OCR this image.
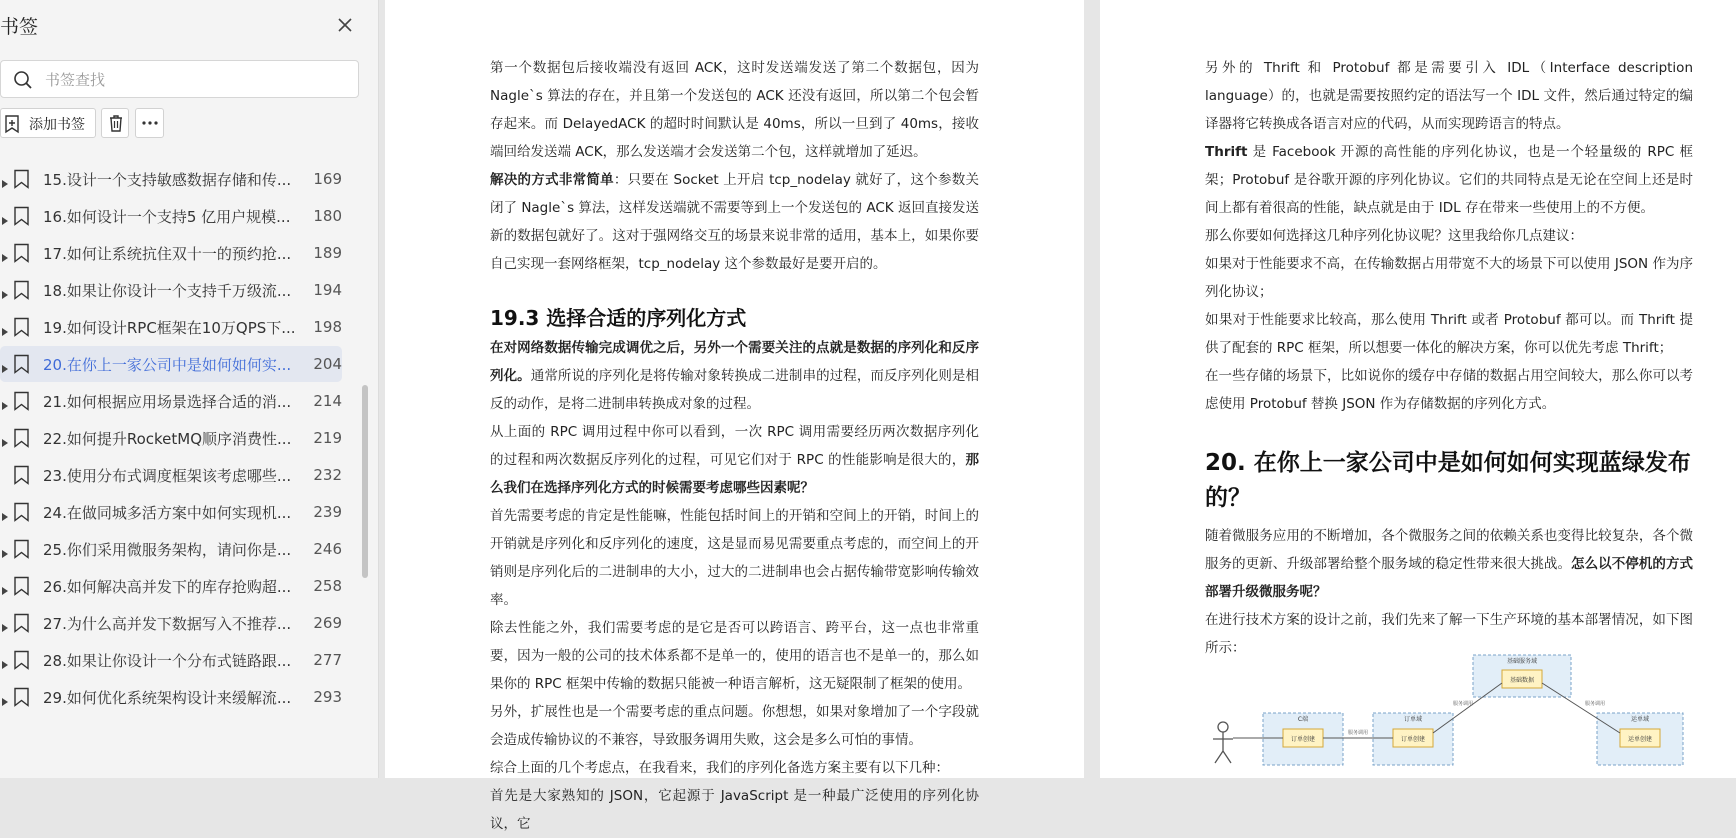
书签
书签查找
添加书签
15.设计一个支持敏感数据存储和传... 169
16.如何设计一个支持5 亿用户规模... 180
17.如何让系统抗住双十一的预约抢... 189
18.如果让你设计一个支持千万级流... 194
19.如何设计RPC框架在10万QPS下... 198
20.在你上一家公司中是如何如何实... 204
21.如何根据应用场景选择合适的消... 214
22.如何提升RocketMQ顺序消费性... 219
23.使用分布式调度框架该考虑哪些... 232
24.在做同城多活方案中如何实现机... 239
25.你们采用微服务架构，请问你是... 246
26.如何解决高并发下的库存抢购超... 258
27.为什么高并发下数据写入不推荐... 269
28.如果让你设计一个分布式链路跟... 277
29.如何优化系统架构设计来缓解流... 293
第一个数据包后接收端没有返回 ACK，这时发送端发送了第二个数据包，因为 Nagle`s 算法的存在，并且第一个发送包的 ACK 还没有返回，所以第二个包会暂存起来。而 DelayedACK 的超时时间默认是 40ms，所以一旦到了 40ms，接收端回给发送端 ACK，那么发送端才会发送第二个包，这样就增加了延迟。
解决的方式非常简单：只要在 Socket 上开启 tcp_nodelay 就好了，这个参数关闭了 Nagle`s 算法，这样发送端就不需要等到上一个发送包的 ACK 返回直接发送新的数据包就好了。这对于强网络交互的场景来说非常的适用，基本上，如果你要自己实现一套网络框架，tcp_nodelay 这个参数最好是要开启的。
19.3 选择合适的序列化方式
在对网络数据传输完成调优之后，另外一个需要关注的点就是数据的序列化和反序列化。通常所说的序列化是将传输对象转换成二进制串的过程，而反序列化则是相反的动作，是将二进制串转换成对象的过程。
从上面的 RPC 调用过程中你可以看到，一次 RPC 调用需要经历两次数据序列化的过程和两次数据反序列化的过程，可见它们对于 RPC 的性能影响是很大的，那么我们在选择序列化方式的时候需要考虑哪些因素呢？
首先需要考虑的肯定是性能嘛，性能包括时间上的开销和空间上的开销，时间上的开销就是序列化和反序列化的速度，这是显而易见需要重点考虑的，而空间上的开销则是序列化后的二进制串的大小，过大的二进制串也会占据传输带宽影响传输效率。
除去性能之外，我们需要考虑的是它是否可以跨语言、跨平台，这一点也非常重要，因为一般的公司的技术体系都不是单一的，使用的语言也不是单一的，那么如果你的 RPC 框架中传输的数据只能被一种语言解析，这无疑限制了框架的使用。
另外，扩展性也是一个需要考虑的重点问题。你想想，如果对象增加了一个字段就会造成传输协议的不兼容，导致服务调用失败，这会是多么可怕的事情。
综合上面的几个考虑点，在我看来，我们的序列化备选方案主要有以下几种：
首先是大家熟知的 JSON，它起源于 JavaScript 是一种最广泛使用的序列化协议，它
另外的 Thrift 和 Protobuf 都是需要引入 IDL（Interface description language）的，也就是需要按照约定的语法写一个 IDL 文件，然后通过特定的编译器将它转换成各语言对应的代码，从而实现跨语言的特点。
Thrift 是 Facebook 开源的高性能的序列化协议，也是一个轻量级的 RPC 框架；Protobuf 是谷歌开源的序列化协议。它们的共同特点是无论在空间上还是时间上都有着很高的性能，缺点就是由于 IDL 存在带来一些使用上的不方便。
那么你要如何选择这几种序列化协议呢？这里我给你几点建议：
如果对于性能要求不高，在传输数据占用带宽不大的场景下可以使用 JSON 作为序列化协议；
如果对于性能要求比较高，那么使用 Thrift 或者 Protobuf 都可以。而 Thrift 提供了配套的 RPC 框架，所以想要一体化的解决方案，你可以优先考虑 Thrift；
在一些存储的场景下，比如说你的缓存中存储的数据占用空间较大，那么你可以考虑使用 Protobuf 替换 JSON 作为存储数据的序列化方式。
20. 在你上一家公司中是如何如何实现蓝绿发布的？
随着微服务应用的不断增加，各个微服务之间的依赖关系也变得比较复杂，各个微服务的更新、升级部署给整个服务域的稳定性带来很大挑战。怎么以不停机的方式部署升级微服务呢？
在进行技术方案的设计之前，我们先来了解一下生产环境的基本部署情况，如下图所示：
基础服务域
基础数据
C端
订单创建
订单域
订单创建
运单域
运单创建
服务调用
服务调用	服务调用
